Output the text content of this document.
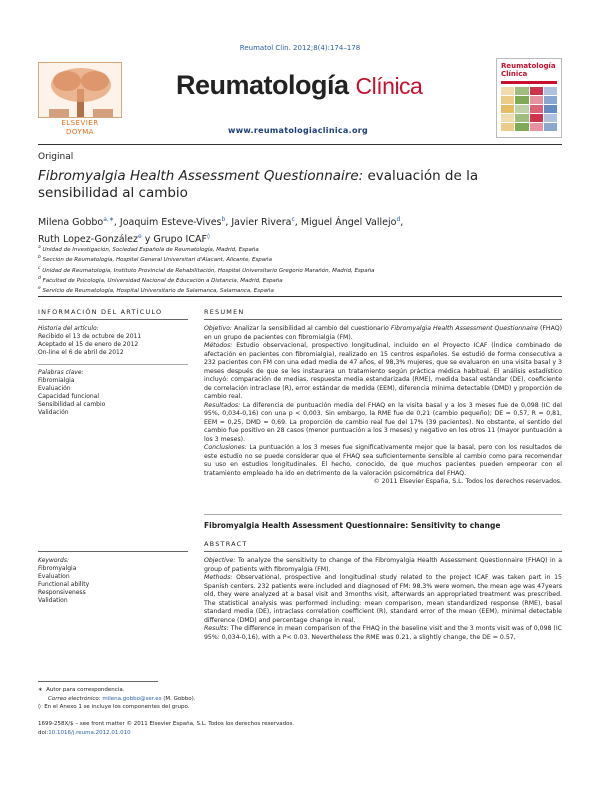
Reumatol Clin. 2012;8(4):174–178
ELSEVIER
DOYMA
Reumatología Clínica
www.reumatologiaclinica.org
Reumatología
Clínica
Original
Fibromyalgia Health Assessment Questionnaire: evaluación de la sensibilidad al cambio
Milena Gobbo$^{a,∗}$, Joaquim Esteve-Vives$^b$, Javier Rivera$^c$, Miguel Ángel Vallejo$^d$,
Ruth Lopez-González$^e$ y Grupo ICAF◊
$^a$ Unidad de Investigación, Sociedad Española de Reumatología, Madrid, España
$^b$ Sección de Reumatología, Hospital General Universitari d'Alacant, Alicante, España
$^c$ Unidad de Reumatología, Instituto Provincial de Rehabilitación, Hospital Universitario Gregorio Marañón, Madrid, España
$^d$ Facultad de Psicología, Universidad Nacional de Educación a Distancia, Madrid, España
$^e$ Servicio de Reumatología, Hospital Universitario de Salamanca, Salamanca, España
INFORMACIÓN DEL ARTÍCULO	RESUMEN
Historia del artículo:
Recibido el 13 de octubre de 2011
Aceptado el 15 de enero de 2012
On-line el 6 de abril de 2012
Palabras clave:
Fibromialgia
Evaluación
Capacidad funcional
Sensibilidad al cambio
Validación
Objetivo: Analizar la sensibilidad al cambio del cuestionario Fibromyalgia Health Assessment Questionnaire (FHAQ) en un grupo de pacientes con fibromialgia (FM).
Métodos: Estudio observacional, prospectivo longitudinal, incluido en el Proyecto ICAF (Índice combinado de afectación en pacientes con fibromialgia), realizado en 15 centros españoles. Se estudió de forma consecutiva a 232 pacientes con FM con una edad media de 47 años, el 98,3% mujeres, que se evaluaron en una visita basal y 3 meses después de que se les instaurara un tratamiento según práctica médica habitual. El análisis estadístico incluyó: comparación de medias, respuesta media estandarizada (RME), medida basal estándar (DE), coeficiente de correlación intraclase (R), error estándar de medida (EEM), diferencia mínima detectable (DMD) y proporción de cambio real.
Resultados: La diferencia de puntuación media del FHAQ en la visita basal y a los 3 meses fue de 0,098 (IC del 95%, 0,034-0,16) con una p < 0,003. Sin embargo, la RME fue de 0,21 (cambio pequeño); DE = 0,57, R = 0,81, EEM = 0,25, DMD = 0,69. La proporción de cambio real fue del 17% (39 pacientes). No obstante, el sentido del cambio fue positivo en 28 casos (menor puntuación a los 3 meses) y negativo en los otros 11 (mayor puntuación a los 3 meses).
Conclusiones: La puntuación a los 3 meses fue significativamente mejor que la basal, pero con los resultados de este estudio no se puede considerar que el FHAQ sea suficientemente sensible al cambio como para recomendar su uso en estudios longitudinales. El hecho, conocido, de que muchos pacientes pueden empeorar con el tratamiento empleado ha ido en detrimento de la valoración psicométrica del FHAQ.
© 2011 Elsevier España, S.L. Todos los derechos reservados.
Fibromyalgia Health Assessment Questionnaire: Sensitivity to change
ABSTRACT
Keywords:
Fibromyalgia
Evaluation
Functional ability
Responsiveness
Validation
Objective: To analyze the sensitivity to change of the Fibromyalgia Health Assessment Questionnaire (FHAQ) in a group of patients with fibromyalgia (FM).
Methods: Observational, prospective and longitudinal study related to the project ICAF was taken part in 15 Spanish centers. 232 patients were included and diagnosed of FM: 98.3% were women, the mean age was 47years old, they were analyzed at a basal visit and 3months visit, afterwards an appropriated treatment was prescribed. The statistical analysis was performed including: mean comparison, mean standardized response (RME), basal standard media (DE), intraclass correlation coefficient (R), standard error of the mean (EEM), minimal detectable difference (DMD) and percentage change in real.
Results: The difference in mean comparison of the FHAQ in the baseline visit and the 3 monts visit was of 0,098 (IC 95%: 0,034-0,16), with a P< 0.03. Nevertheless the RME was 0.21, a slightly change, the DE = 0.57,
∗ Autor para correspondencia.
Correo electrónico: milena.gobbo@ser.es (M. Gobbo).
◊ En el Anexo 1 se incluye los componentes del grupo.
1699-258X/$ – see front matter © 2011 Elsevier España, S.L. Todos los derechos reservados.
doi:10.1016/j.reuma.2012.01.010
